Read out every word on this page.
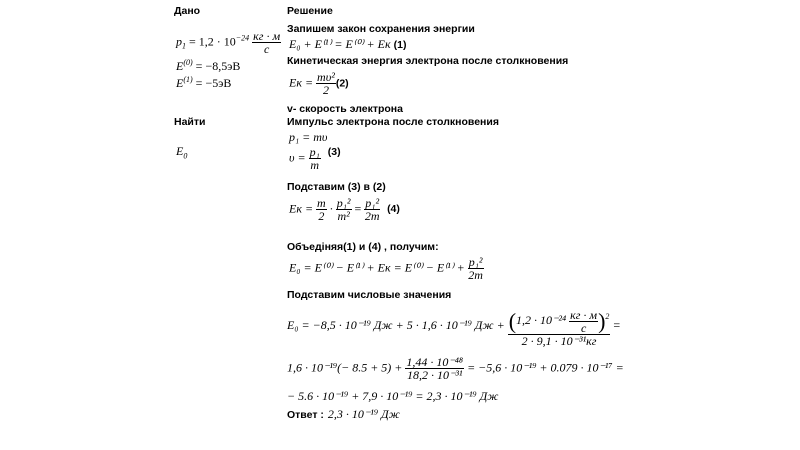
Дано
$p_1 = 1,2 \cdot 10^{-24} \frac{кг \cdot м}{с}$
$E^{(0)} = -8,5эВ$
$E^{(1)} = -5эВ$
Найти
$E_0$
Решение
Запишем закон сохранения энергии
E₀ + E⁽¹⁾ = E⁽⁰⁾ + Eк (1)
Кинетическая энергия электрона после столкновения
Eк = $\frac{\text{mυ²}}{2} (2)$
v- скорость электрона
Импульс электрона после столкновения
p₁ = mυ
$\upsilon = \frac{\text{p₁}}{m} (3)$
Подставим (3) в (2)
Eк = $\frac{m}{2} \cdot \frac{\text{p₁²}}{\text{m²}} = \frac{\text{p₁²}}{2m} (4)$
Объедіняя(1) и (4) , получим:
E₀ = E⁽⁰⁾ − E⁽¹⁾ + Eк = $E^{(0)} - E^{(1)} + \frac{\text{p₁²}}{2m}$
Подставим числовые значения
E₀ = −8,5 · 10⁻¹⁹ Дж + 5 · 1,6 · 10⁻¹⁹ Дж + $\frac{(1,2 \cdot 10^{-24} \frac{кг \cdot м}{с} )^2}{\text{2 · 9,1 · 10⁻³¹кг}}$ =
$1,6 \cdot 10^{-19}(- 8.5 + 5) + \frac{\text{1,44 · 10⁻⁴⁸}}{\text{18,2 · 10⁻³¹}} = -5,6 \cdot 10^{-19} + 0.079 \cdot 10^{-17}$ =
− 5.6 · 10⁻¹⁹ + 7,9 · 10⁻¹⁹ = 2,3 · 10⁻¹⁹ Дж
Ответ : 2,3 · 10⁻¹⁹ Дж
